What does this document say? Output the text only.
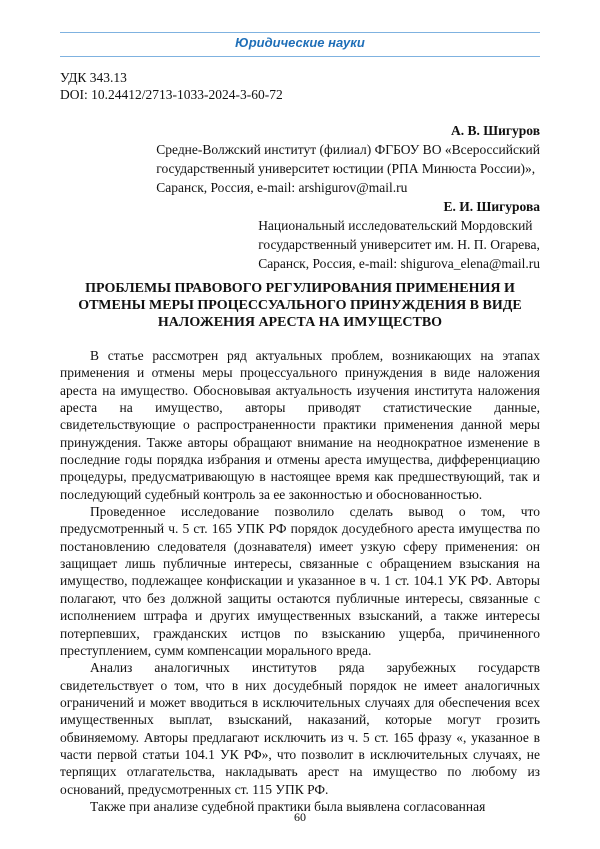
Юридические науки
УДК 343.13
DOI: 10.24412/2713-1033-2024-3-60-72
А. В. Шигуров
Средне-Волжский институт (филиал) ФГБОУ ВО «Всероссийский
государственный университет юстиции (РПА Минюста России)»,
Саранск, Россия, e-mail: arshigurov@mail.ru
Е. И. Шигурова
Национальный исследовательский Мордовский
государственный университет им. Н. П. Огарева,
Саранск, Россия, e-mail: shigurova_elena@mail.ru
ПРОБЛЕМЫ ПРАВОВОГО РЕГУЛИРОВАНИЯ ПРИМЕНЕНИЯ И
ОТМЕНЫ МЕРЫ ПРОЦЕССУАЛЬНОГО ПРИНУЖДЕНИЯ В ВИДЕ
НАЛОЖЕНИЯ АРЕСТА НА ИМУЩЕСТВО

В статье рассмотрен ряд актуальных проблем, возникающих на этапах применения и отмены меры процессуального принуждения в виде наложения ареста на имущество. Обосновывая актуальность изучения института наложения ареста на имущество, авторы приводят статистические данные, свидетельствующие о распространенности практики применения данной меры принуждения. Также авторы обращают внимание на неоднократное изменение в последние годы порядка избрания и отмены ареста имущества, дифференциацию процедуры, предусматривающую в настоящее время как предшествующий, так и последующий судебный контроль за ее законностью и обоснованностью.

Проведенное исследование позволило сделать вывод о том, что предусмотренный ч. 5 ст. 165 УПК РФ порядок досудебного ареста имущества по постановлению следователя (дознавателя) имеет узкую сферу применения: он защищает лишь публичные интересы, связанные с обращением взыскания на имущество, подлежащее конфискации и указанное в ч. 1 ст. 104.1 УК РФ. Авторы полагают, что без должной защиты остаются публичные интересы, связанные с исполнением штрафа и других имущественных взысканий, а также интересы потерпевших, гражданских истцов по взысканию ущерба, причиненного преступлением, сумм компенсации морального вреда.

Анализ аналогичных институтов ряда зарубежных государств свидетельствует о том, что в них досудебный порядок не имеет аналогичных ограничений и может вводиться в исключительных случаях для обеспечения всех имущественных выплат, взысканий, наказаний, которые могут грозить обвиняемому. Авторы предлагают исключить из ч. 5 ст. 165 фразу «, указанное в части первой статьи 104.1 УК РФ», что позволит в исключительных случаях, не терпящих отлагательства, накладывать арест на имущество по любому из оснований, предусмотренных ст. 115 УПК РФ.

Также при анализе судебной практики была выявлена согласованная

60
